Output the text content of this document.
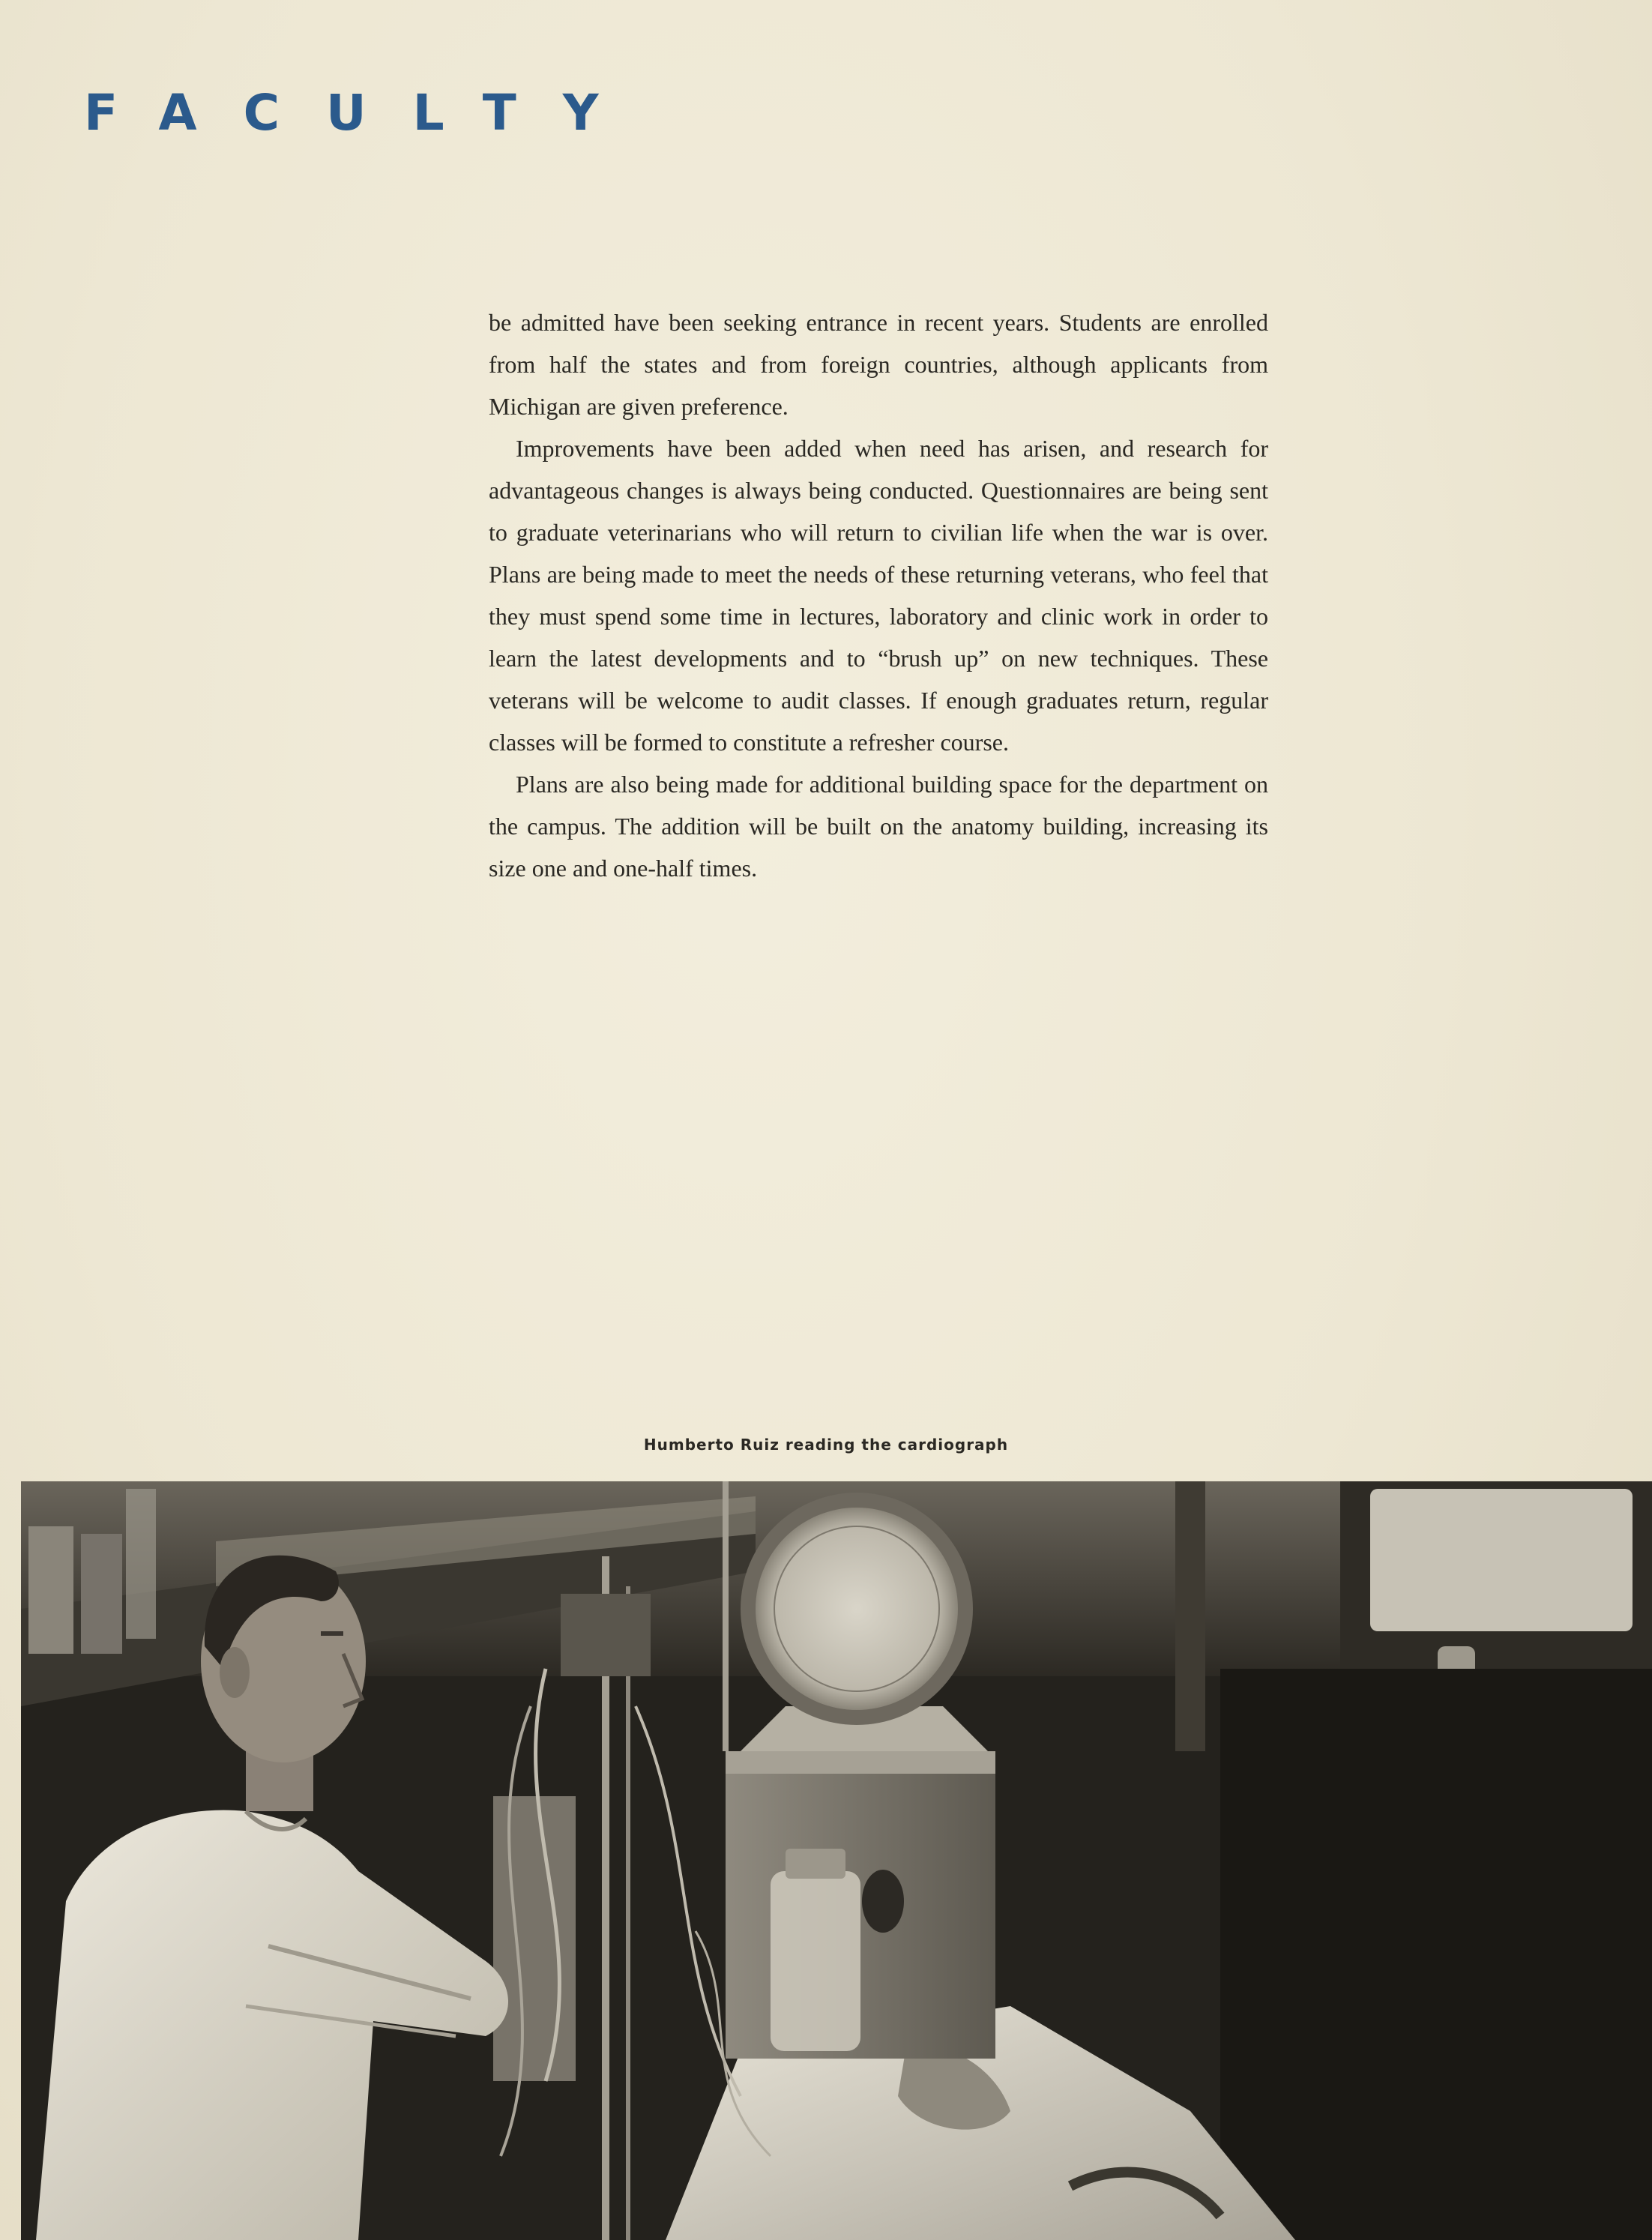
FACULTY

be admitted have been seeking entrance in recent years. Students are enrolled from half the states and from foreign countries, although applicants from Michigan are given preference.

Improvements have been added when need has arisen, and research for advantageous changes is always being conducted. Questionnaires are being sent to graduate veterinarians who will return to civilian life when the war is over. Plans are being made to meet the needs of these returning veterans, who feel that they must spend some time in lectures, laboratory and clinic work in order to learn the latest developments and to “brush up” on new techniques. These veterans will be welcome to audit classes. If enough graduates return, regular classes will be formed to constitute a refresher course.

Plans are also being made for additional building space for the department on the campus. The addition will be built on the anatomy building, increasing its size one and one-half times.

Humberto Ruiz reading the cardiograph
